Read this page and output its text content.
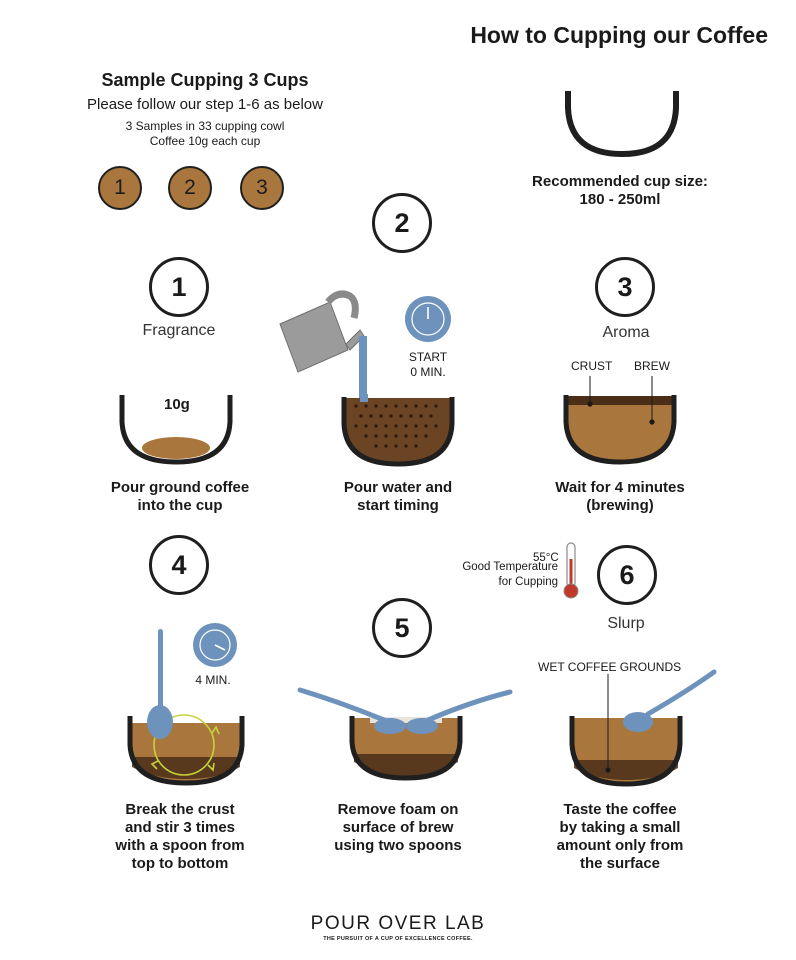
How to Cupping our Coffee
Sample Cupping 3 Cups
Please follow our step 1-6 as below
3 Samples in 33 cupping cowl
Coffee 10g each cup
1	2	3	Recommended cup size:
180 - 250ml
1
Fragrance
10g
Pour ground coffee
into the cup
2
START
0 MIN.
Pour water and
start timing
3
Aroma
CRUST BREW
Wait for 4 minutes
(brewing)
4
4 MIN.
Break the crust
and stir 3 times
with a spoon from
top to bottom
5
Remove foam on
surface of brew
using two spoons
6
Slurp
55°C
Good Temperature
for Cupping
WET COFFEE GROUNDS
Taste the coffee
by taking a small
amount only from
the surface
POUR OVER LAB
THE PURSUIT OF A CUP OF EXCELLENCE COFFEE.
